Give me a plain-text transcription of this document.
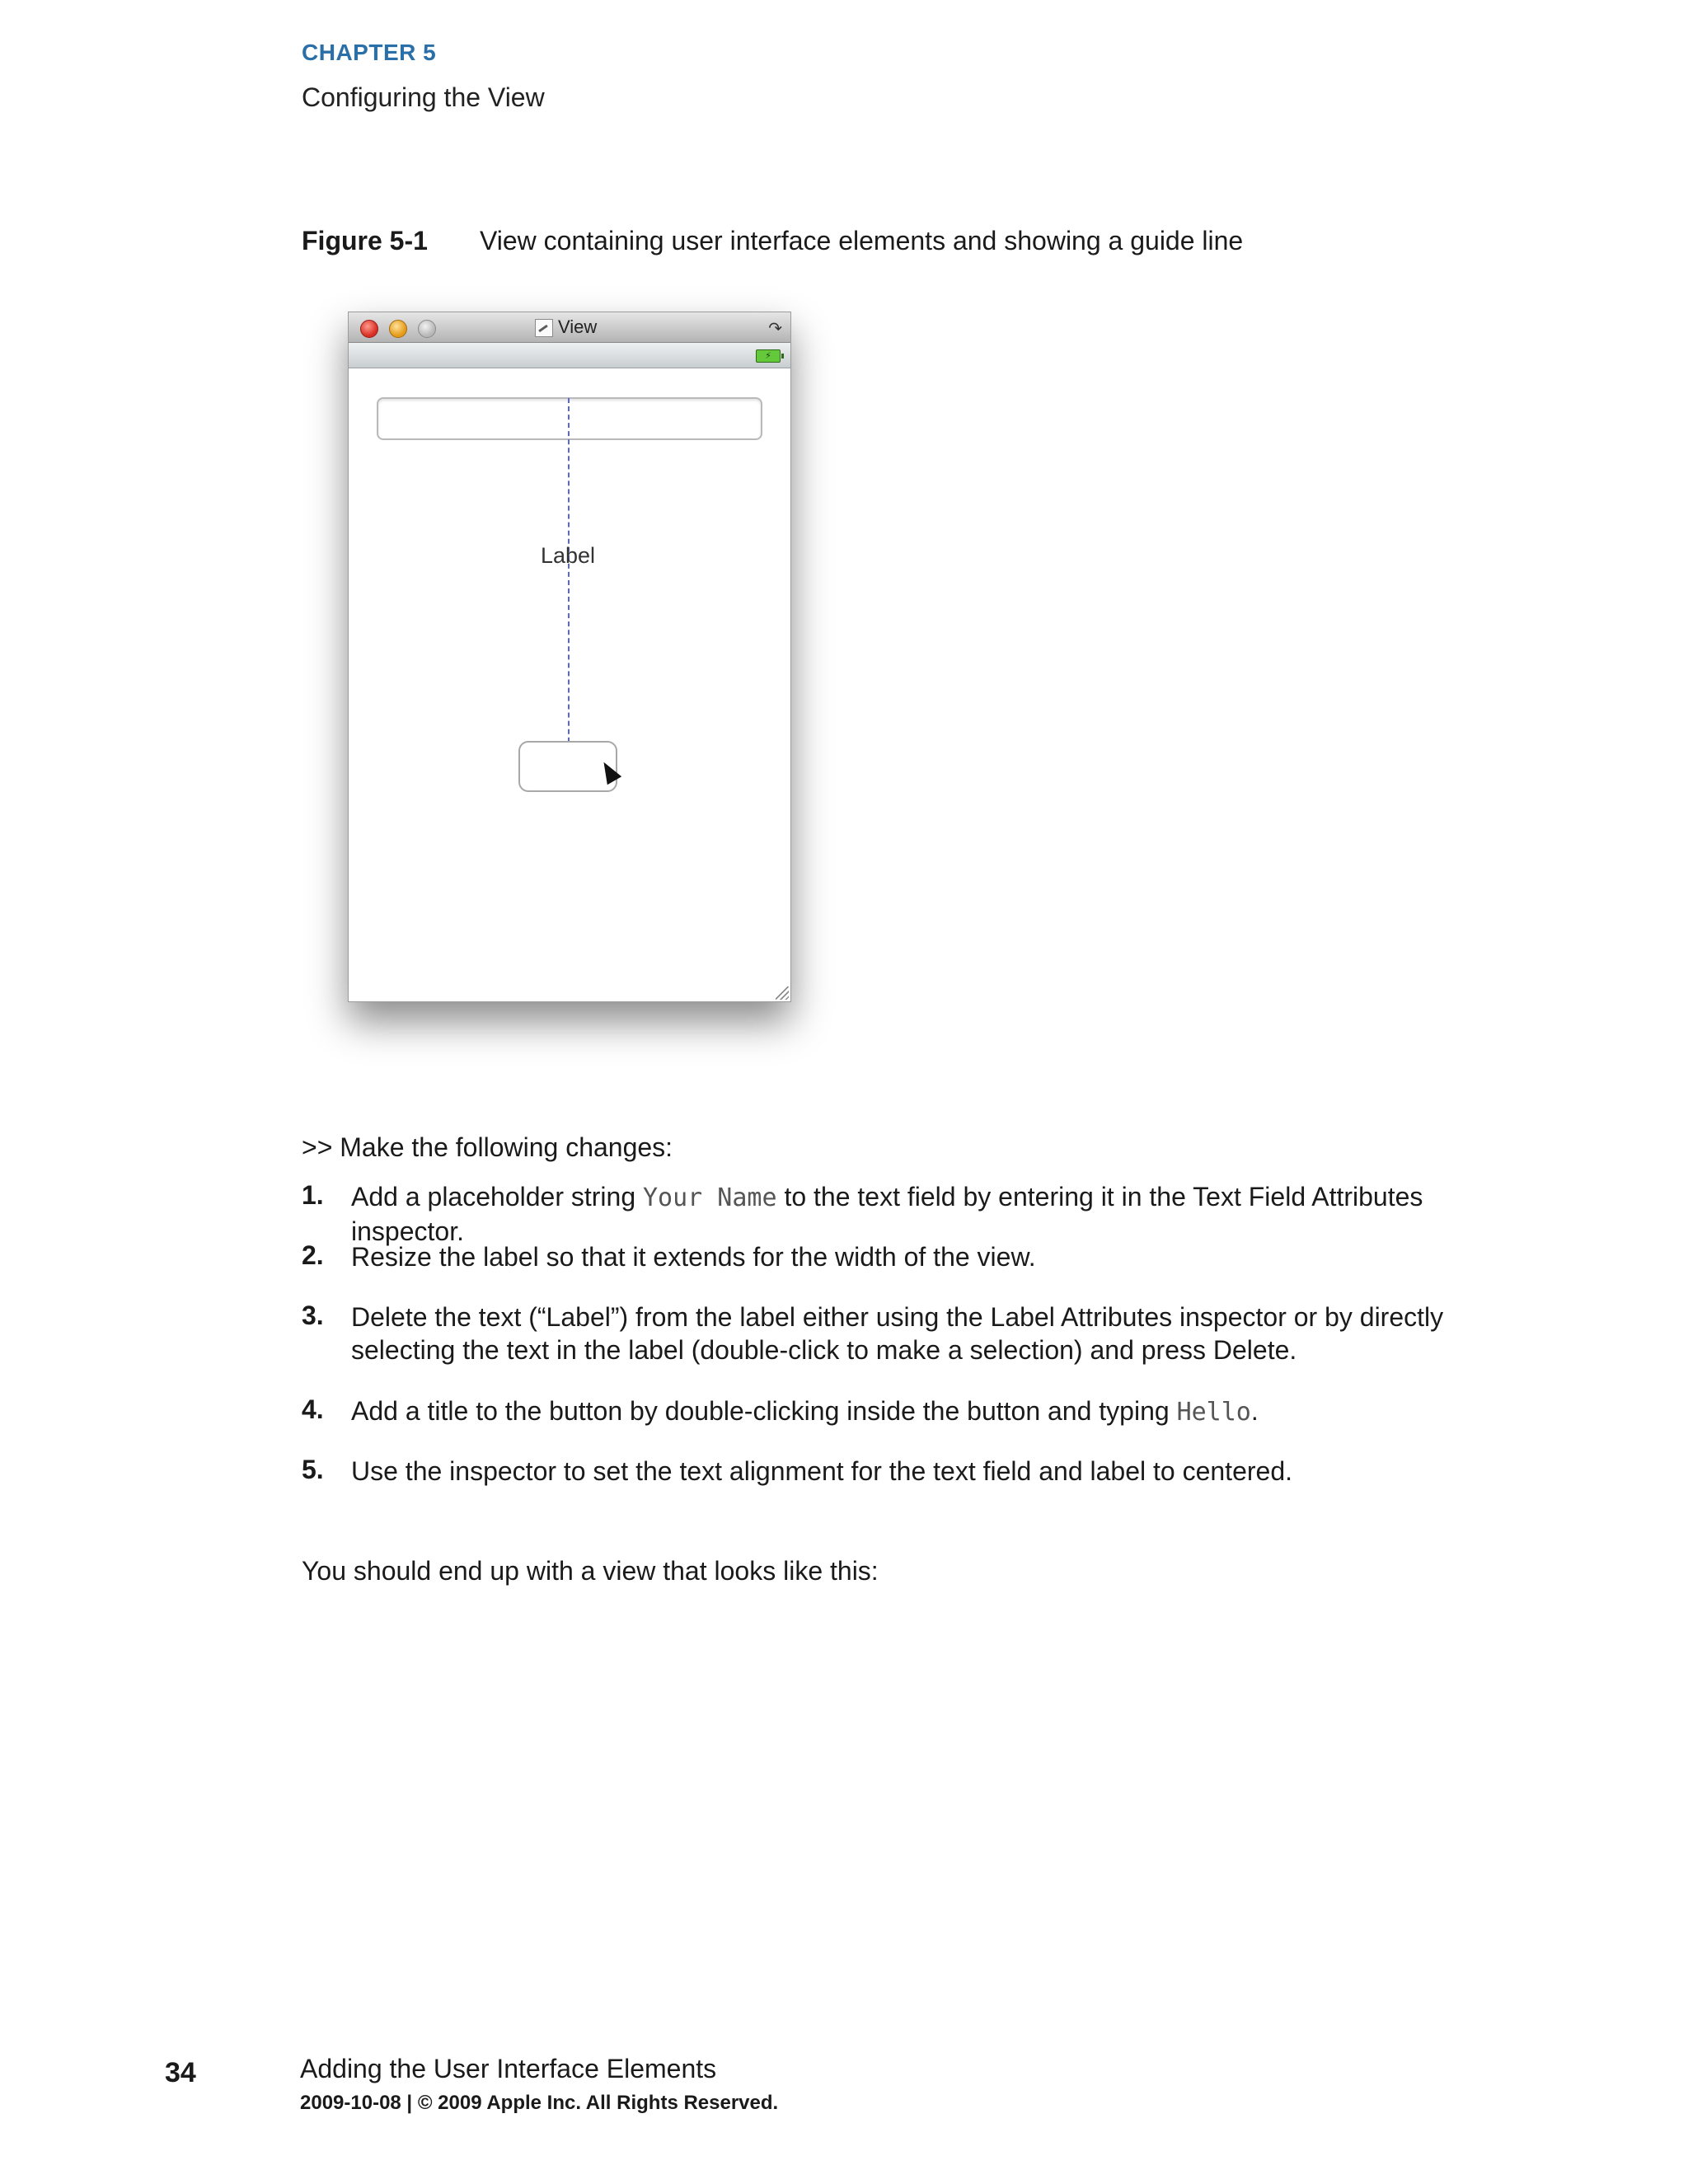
CHAPTER 5
Configuring the View
Figure 5-1 View containing user interface elements and showing a guide line
View	↷
⚡
Label
>> Make the following changes:
1. Add a placeholder string Your Name to the text field by entering it in the Text Field Attributes inspector.
2. Resize the label so that it extends for the width of the view.
3. Delete the text (“Label”) from the label either using the Label Attributes inspector or by directly selecting the text in the label (double-click to make a selection) and press Delete.
4. Add a title to the button by double-clicking inside the button and typing Hello.
5. Use the inspector to set the text alignment for the text field and label to centered.
You should end up with a view that looks like this:
34	Adding the User Interface Elements
2009-10-08 | © 2009 Apple Inc. All Rights Reserved.
